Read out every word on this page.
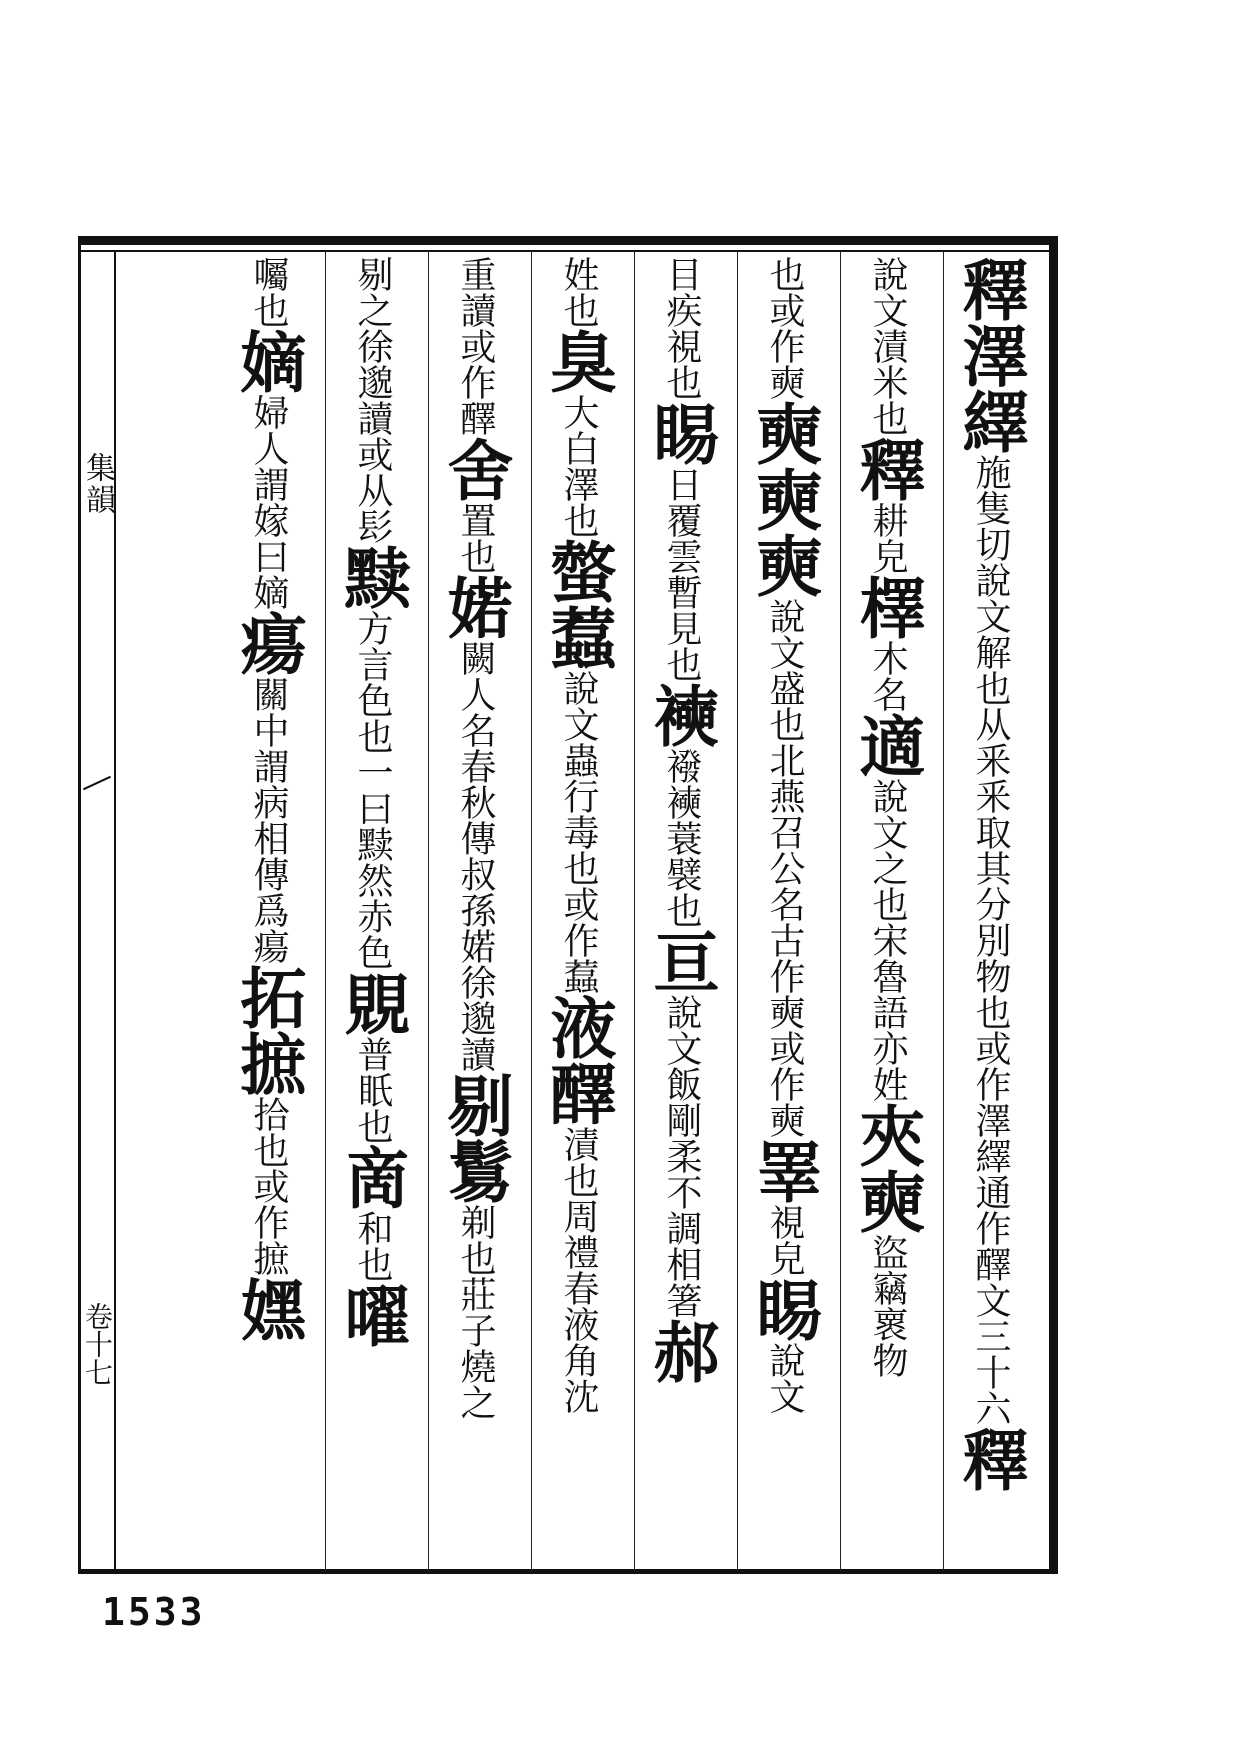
集韻
卷十七
釋澤繹施隻切說文解也从釆釆取其分別物也或作澤繹通作醳文三十六釋
說文漬米也釋耕皃檡木名適說文之也宋魯語亦姓夾奭盜竊褱物
也或作奭奭奭奭說文盛也北燕召公名古作奭或作奭睪視皃睗說文
目疾視也睗日覆雲暫見也襫襏襫蓑襞也亘說文飯剛柔不調相箸郝
姓也臭大白澤也螫蠚說文蟲行毒也或作蠚液醳漬也周禮春液角沈
重讀或作醳舍置也婼闕人名春秋傳叔孫婼徐邈讀剔鬄剃也莊子燒之
剔之徐邈讀或从髟黩方言色也一曰黩然赤色覞普眂也啇和也嚁
囑也嫡婦人謂嫁曰嫡瘍關中謂病相傳爲瘍拓摭拾也或作摭嫼
1533
